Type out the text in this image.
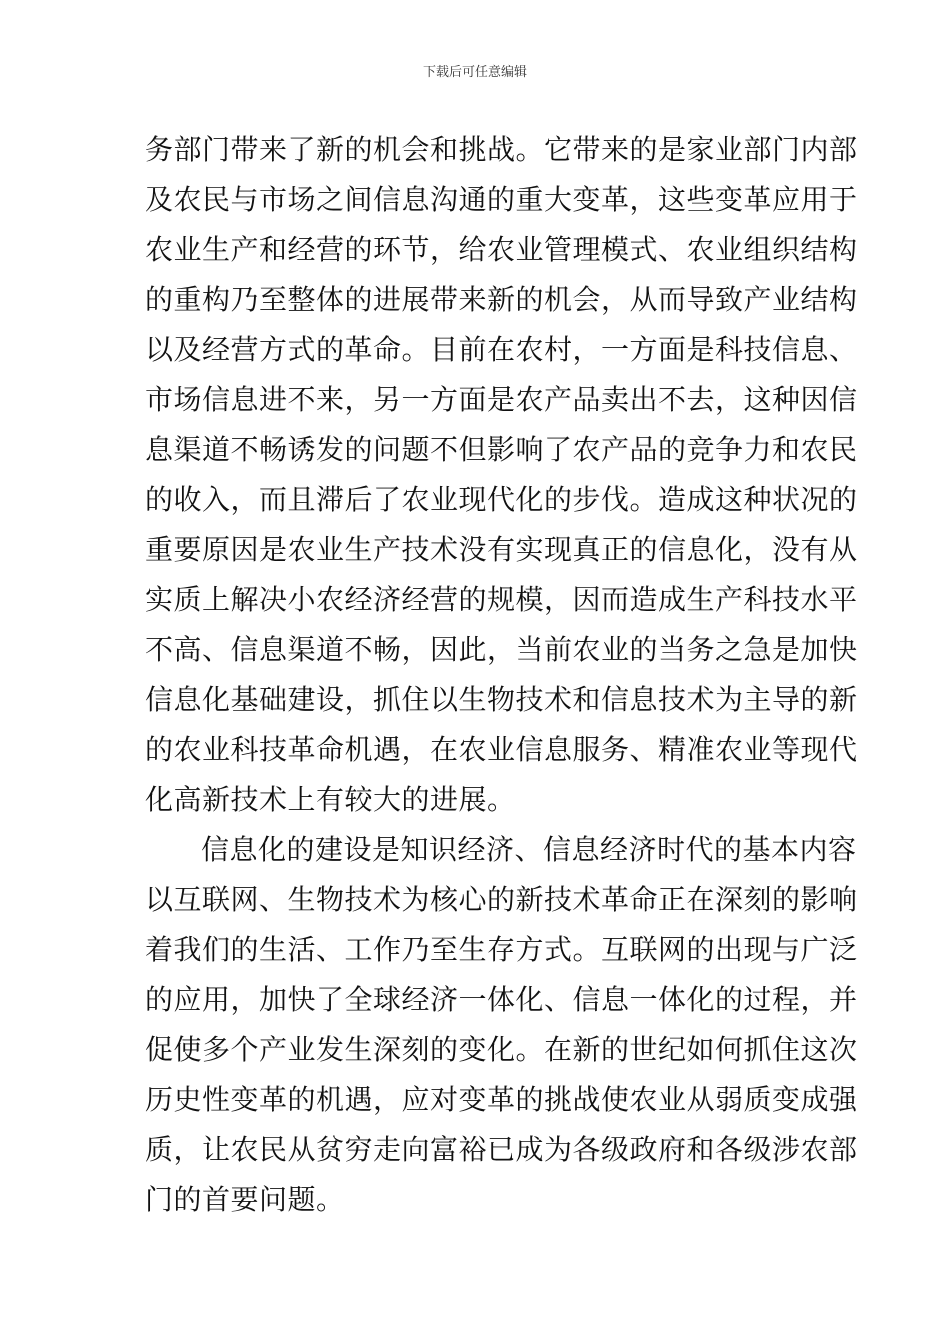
下载后可任意编辑
务部门带来了新的机会和挑战。它带来的是家业部门内部
及农民与市场之间信息沟通的重大变革，这些变革应用于
农业生产和经营的环节，给农业管理模式、农业组织结构
的重构乃至整体的进展带来新的机会，从而导致产业结构
以及经营方式的革命。目前在农村，一方面是科技信息、
市场信息进不来，另一方面是农产品卖出不去，这种因信
息渠道不畅诱发的问题不但影响了农产品的竞争力和农民
的收入，而且滞后了农业现代化的步伐。造成这种状况的
重要原因是农业生产技术没有实现真正的信息化，没有从
实质上解决小农经济经营的规模，因而造成生产科技水平
不高、信息渠道不畅，因此，当前农业的当务之急是加快
信息化基础建设，抓住以生物技术和信息技术为主导的新
的农业科技革命机遇，在农业信息服务、精准农业等现代
化高新技术上有较大的进展。
信息化的建设是知识经济、信息经济时代的基本内容
以互联网、生物技术为核心的新技术革命正在深刻的影响
着我们的生活、工作乃至生存方式。互联网的出现与广泛
的应用，加快了全球经济一体化、信息一体化的过程，并
促使多个产业发生深刻的变化。在新的世纪如何抓住这次
历史性变革的机遇，应对变革的挑战使农业从弱质变成强
质，让农民从贫穷走向富裕已成为各级政府和各级涉农部
门的首要问题。
